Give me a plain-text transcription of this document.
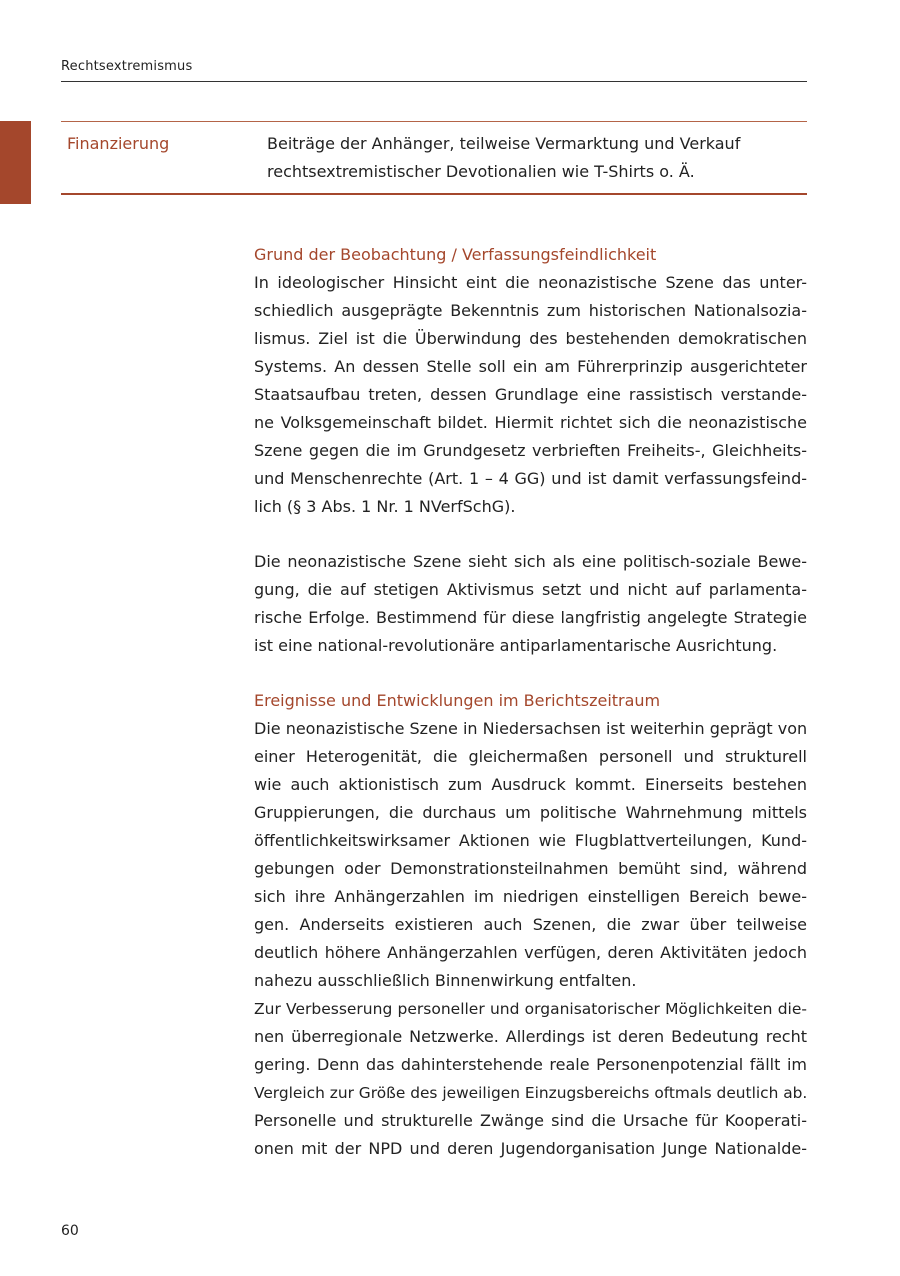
Rechtsextremismus
Finanzierung	Beiträge der Anhänger, teilweise Vermarktung und Verkauf
rechtsextremistischer Devotionalien wie T-Shirts o. Ä.
Grund der Beobachtung / Verfassungsfeindlichkeit
In ideologischer Hinsicht eint die neonazistische Szene das unter-
schiedlich ausgeprägte Bekenntnis zum historischen Nationalsozia-
lismus. Ziel ist die Überwindung des bestehenden demokratischen
Systems. An dessen Stelle soll ein am Führerprinzip ausgerichteter
Staatsaufbau treten, dessen Grundlage eine rassistisch verstande-
ne Volksgemeinschaft bildet. Hiermit richtet sich die neonazistische
Szene gegen die im Grundgesetz verbrieften Freiheits-, Gleichheits-
und Menschenrechte (Art. 1 – 4 GG) und ist damit verfassungsfeind-
lich (§ 3 Abs. 1 Nr. 1 NVerfSchG).
Die neonazistische Szene sieht sich als eine politisch-soziale Bewe-
gung, die auf stetigen Aktivismus setzt und nicht auf parlamenta-
rische Erfolge. Bestimmend für diese langfristig angelegte Strategie
ist eine national-revolutionäre antiparlamentarische Ausrichtung.
Ereignisse und Entwicklungen im Berichtszeitraum
Die neonazistische Szene in Niedersachsen ist weiterhin geprägt von
einer Heterogenität, die gleichermaßen personell und strukturell
wie auch aktionistisch zum Ausdruck kommt. Einerseits bestehen
Gruppierungen, die durchaus um politische Wahrnehmung mittels
öffentlichkeitswirksamer Aktionen wie Flugblattverteilungen, Kund-
gebungen oder Demonstrationsteilnahmen bemüht sind, während
sich ihre Anhängerzahlen im niedrigen einstelligen Bereich bewe-
gen. Anderseits existieren auch Szenen, die zwar über teilweise
deutlich höhere Anhängerzahlen verfügen, deren Aktivitäten jedoch
nahezu ausschließlich Binnenwirkung entfalten.
Zur Verbesserung personeller und organisatorischer Möglichkeiten die-
nen überregionale Netzwerke. Allerdings ist deren Bedeutung recht
gering. Denn das dahinterstehende reale Personenpotenzial fällt im
Vergleich zur Größe des jeweiligen Einzugsbereichs oftmals deutlich ab.
Personelle und strukturelle Zwänge sind die Ursache für Kooperati-
onen mit der NPD und deren Jugendorganisation Junge Nationalde-
60
